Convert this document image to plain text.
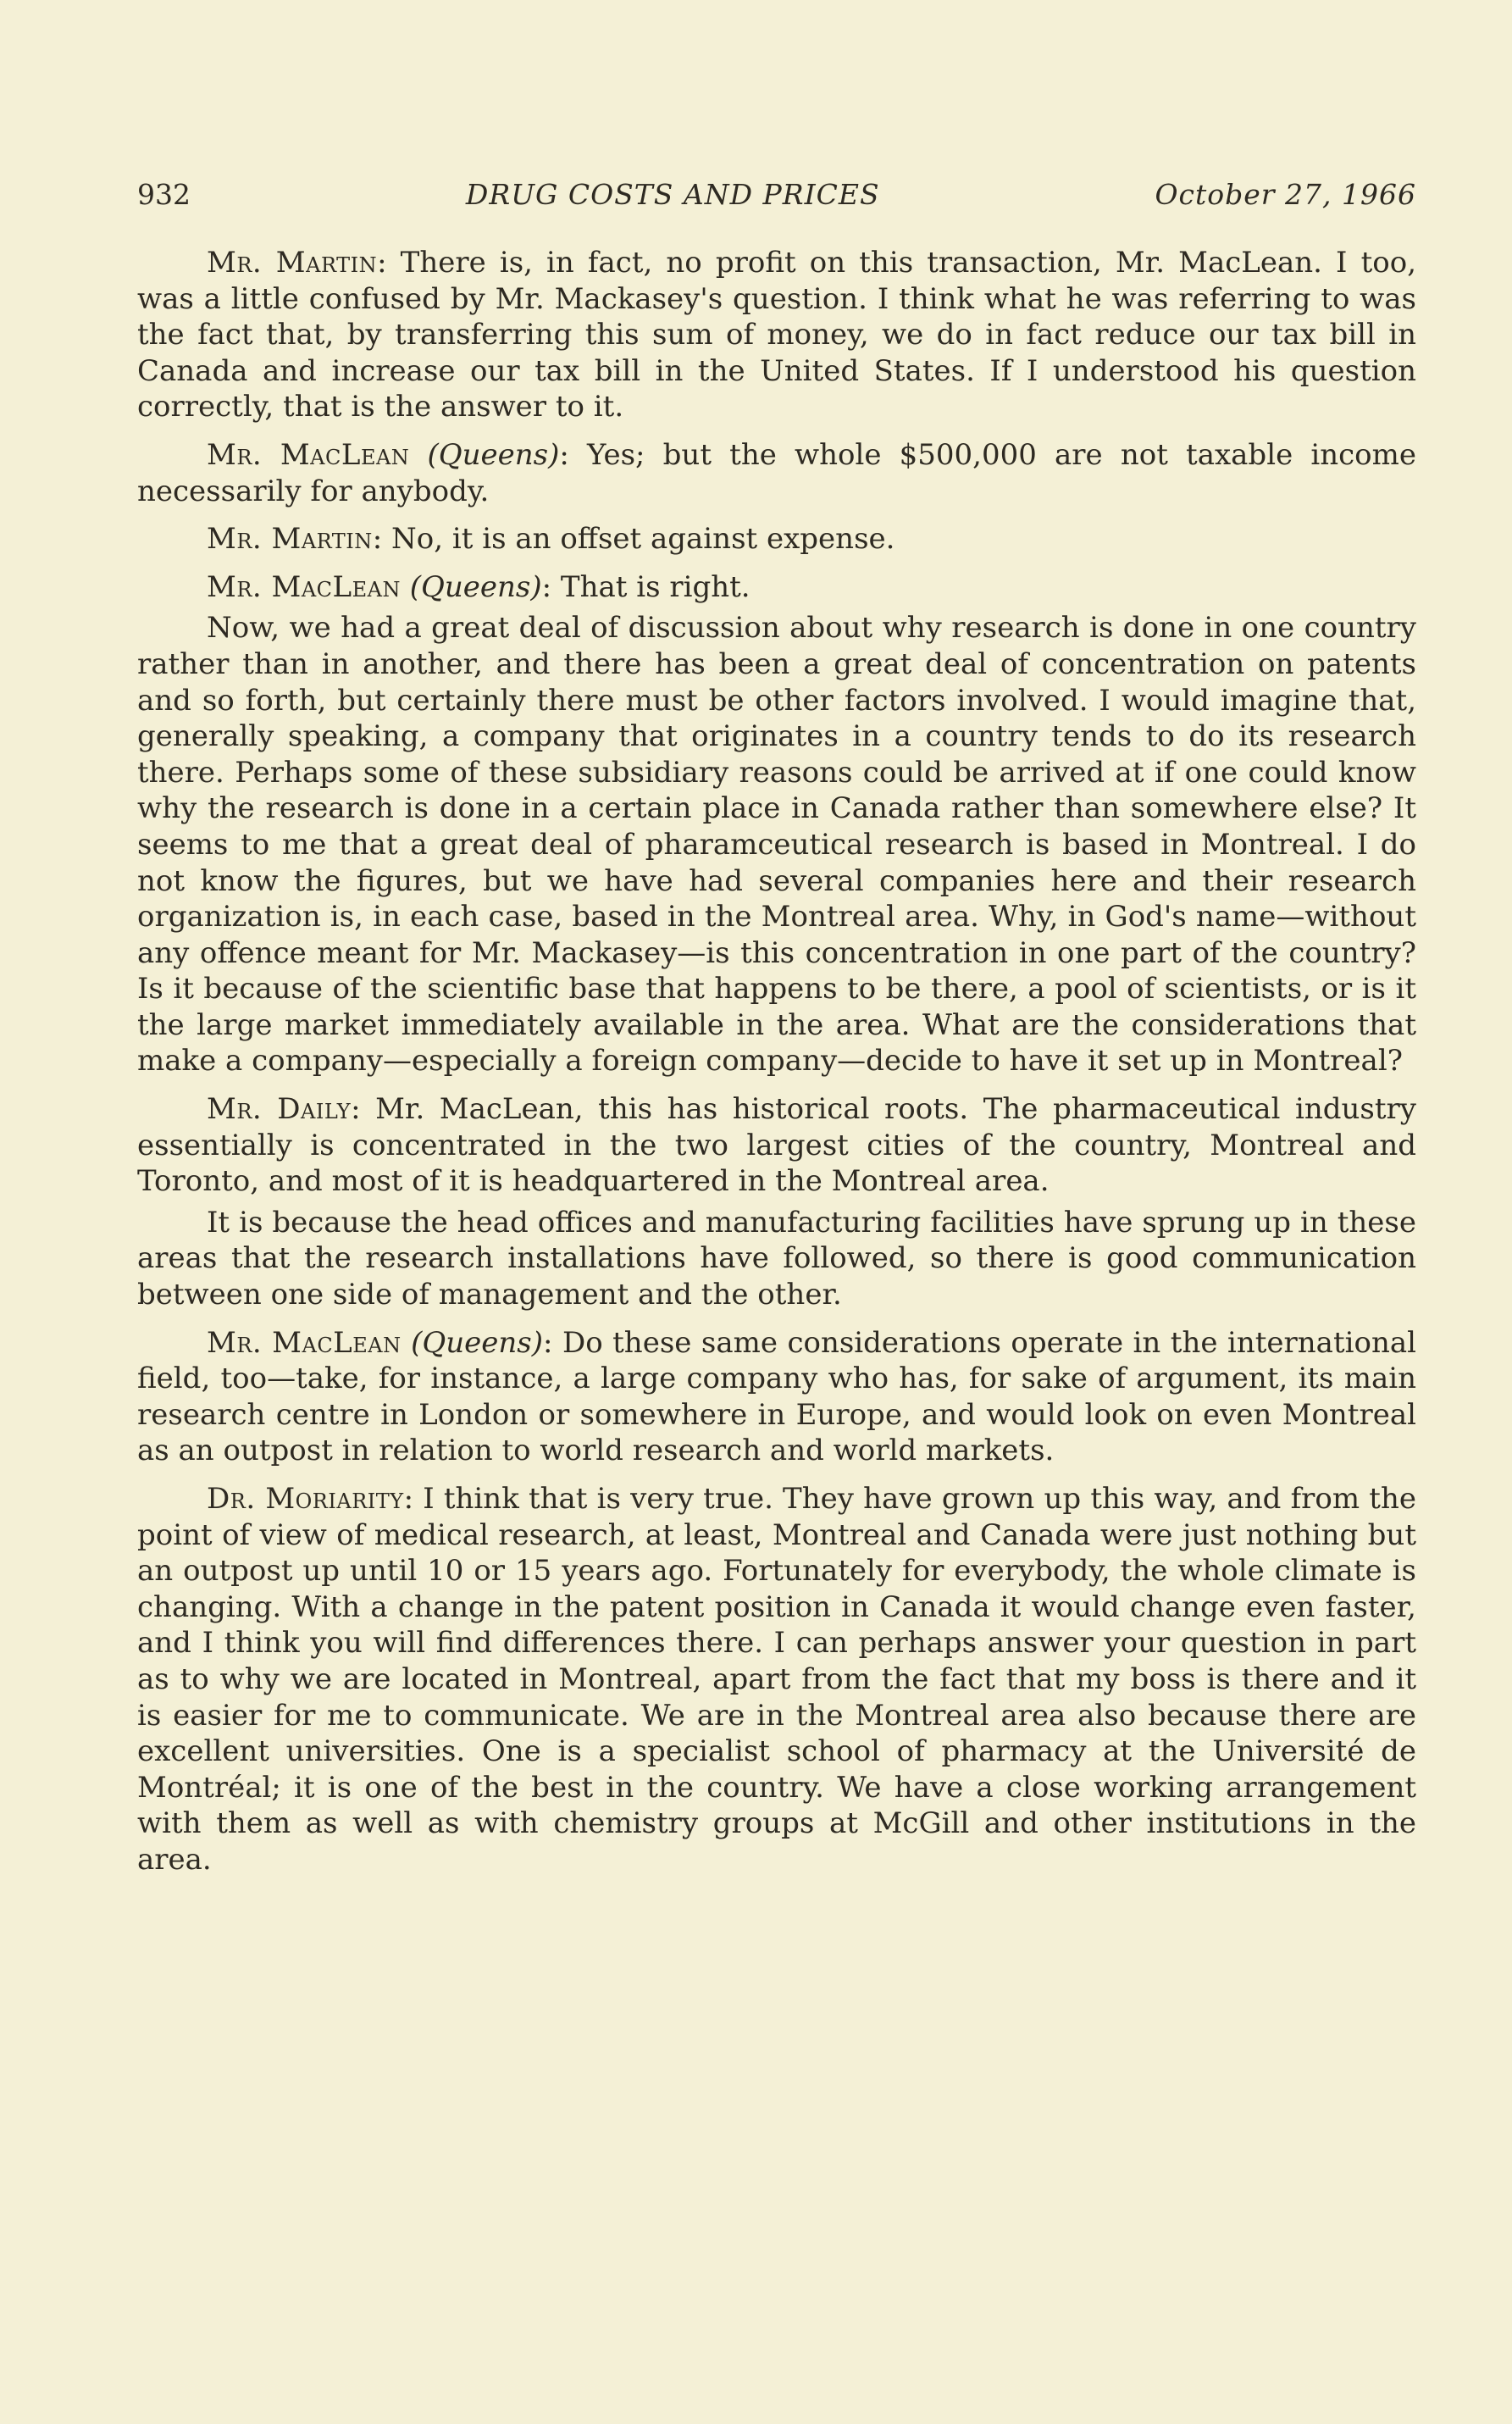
932	DRUG COSTS AND PRICES	October 27, 1966

Mr. Martin: There is, in fact, no profit on this transaction, Mr. MacLean. I too, was a little confused by Mr. Mackasey's question. I think what he was referring to was the fact that, by transferring this sum of money, we do in fact reduce our tax bill in Canada and increase our tax bill in the United States. If I understood his question correctly, that is the answer to it.

Mr. MacLean (Queens): Yes; but the whole $500,000 are not taxable income necessarily for anybody.

Mr. Martin: No, it is an offset against expense.

Mr. MacLean (Queens): That is right.

Now, we had a great deal of discussion about why research is done in one country rather than in another, and there has been a great deal of concentration on patents and so forth, but certainly there must be other factors involved. I would imagine that, generally speaking, a company that originates in a country tends to do its research there. Perhaps some of these subsidiary reasons could be arrived at if one could know why the research is done in a certain place in Canada rather than somewhere else? It seems to me that a great deal of pharamceutical research is based in Montreal. I do not know the figures, but we have had several companies here and their research organization is, in each case, based in the Montreal area. Why, in God's name—without any offence meant for Mr. Mackasey—is this concentration in one part of the country? Is it because of the scientific base that happens to be there, a pool of scientists, or is it the large market immediately available in the area. What are the considerations that make a company—especially a foreign company—decide to have it set up in Montreal?

Mr. Daily: Mr. MacLean, this has historical roots. The pharmaceutical industry essentially is concentrated in the two largest cities of the country, Montreal and Toronto, and most of it is headquartered in the Montreal area.

It is because the head offices and manufacturing facilities have sprung up in these areas that the research installations have followed, so there is good communication between one side of management and the other.

Mr. MacLean (Queens): Do these same considerations operate in the international field, too—take, for instance, a large company who has, for sake of argument, its main research centre in London or somewhere in Europe, and would look on even Montreal as an outpost in relation to world research and world markets.

Dr. Moriarity: I think that is very true. They have grown up this way, and from the point of view of medical research, at least, Montreal and Canada were just nothing but an outpost up until 10 or 15 years ago. Fortunately for everybody, the whole climate is changing. With a change in the patent position in Canada it would change even faster, and I think you will find differences there. I can perhaps answer your question in part as to why we are located in Montreal, apart from the fact that my boss is there and it is easier for me to communicate. We are in the Montreal area also because there are excellent universities. One is a specialist school of pharmacy at the Université de Montréal; it is one of the best in the country. We have a close working arrangement with them as well as with chemistry groups at McGill and other institutions in the area.
